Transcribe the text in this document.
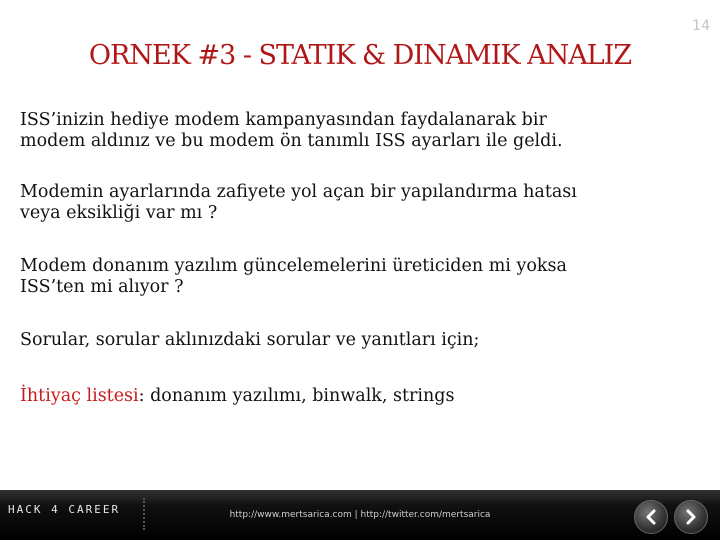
14
ORNEK #3 - STATIK & DINAMIK ANALIZ
ISS’inizin hediye modem kampanyasından faydalanarak bir
modem aldınız ve bu modem ön tanımlı ISS ayarları ile geldi.
Modemin ayarlarında zafiyete yol açan bir yapılandırma hatası
veya eksikliği var mı ?
Modem donanım yazılım güncelemelerini üreticiden mi yoksa
ISS’ten mi alıyor ?
Sorular, sorular aklınızdaki sorular ve yanıtları için;
İhtiyaç listesi: donanım yazılımı, binwalk, strings
HACK 4 CAREER	http://www.mertsarica.com | http://twitter.com/mertsarica
